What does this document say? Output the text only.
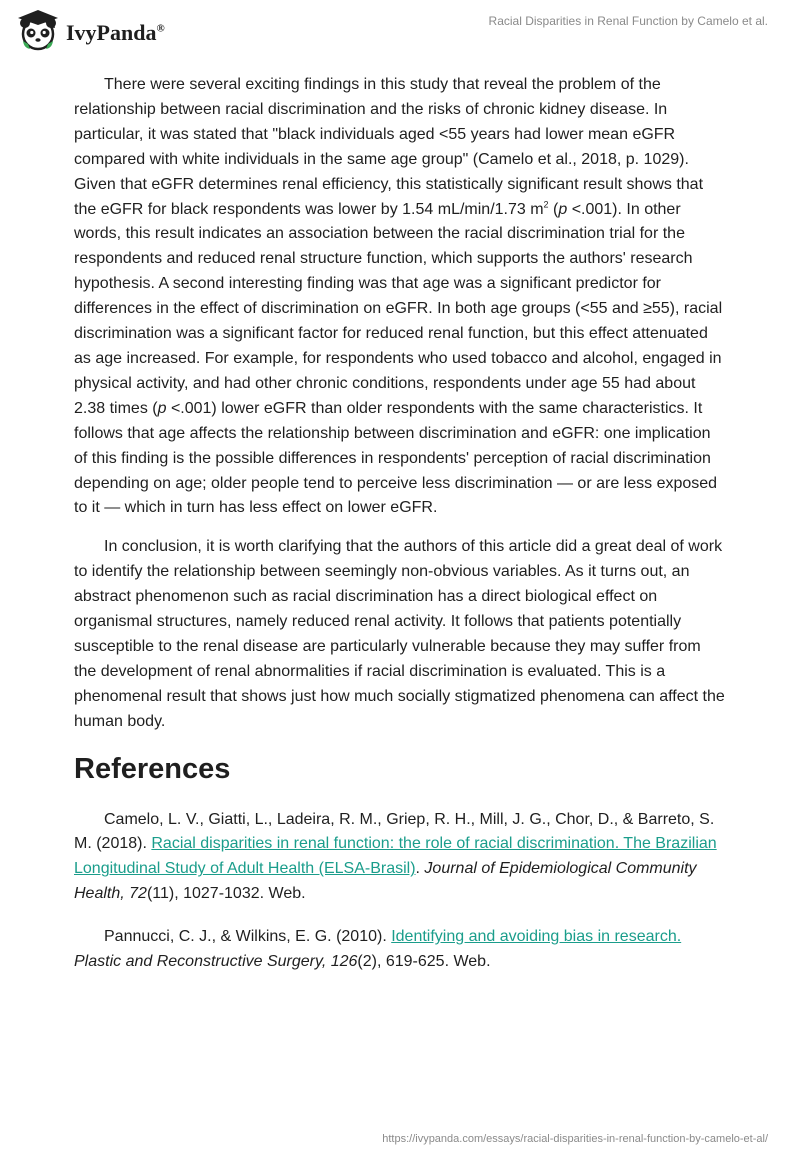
IvyPanda®
Racial Disparities in Renal Function by Camelo et al.

There were several exciting findings in this study that reveal the problem of the relationship between racial discrimination and the risks of chronic kidney disease. In particular, it was stated that "black individuals aged <55 years had lower mean eGFR compared with white individuals in the same age group" (Camelo et al., 2018, p. 1029). Given that eGFR determines renal efficiency, this statistically significant result shows that the eGFR for black respondents was lower by 1.54 mL/min/1.73 $m^2$ (p <.001). In other words, this result indicates an association between the racial discrimination trial for the respondents and reduced renal structure function, which supports the authors' research hypothesis. A second interesting finding was that age was a significant predictor for differences in the effect of discrimination on eGFR. In both age groups (<55 and ≥55), racial discrimination was a significant factor for reduced renal function, but this effect attenuated as age increased. For example, for respondents who used tobacco and alcohol, engaged in physical activity, and had other chronic conditions, respondents under age 55 had about 2.38 times (p <.001) lower eGFR than older respondents with the same characteristics. It follows that age affects the relationship between discrimination and eGFR: one implication of this finding is the possible differences in respondents' perception of racial discrimination depending on age; older people tend to perceive less discrimination — or are less exposed to it — which in turn has less effect on lower eGFR.

In conclusion, it is worth clarifying that the authors of this article did a great deal of work to identify the relationship between seemingly non-obvious variables. As it turns out, an abstract phenomenon such as racial discrimination has a direct biological effect on organismal structures, namely reduced renal activity. It follows that patients potentially susceptible to the renal disease are particularly vulnerable because they may suffer from the development of renal abnormalities if racial discrimination is evaluated. This is a phenomenal result that shows just how much socially stigmatized phenomena can affect the human body.

References

Camelo, L. V., Giatti, L., Ladeira, R. M., Griep, R. H., Mill, J. G., Chor, D., & Barreto, S. M. (2018). Racial disparities in renal function: the role of racial discrimination. The Brazilian Longitudinal Study of Adult Health (ELSA-Brasil). Journal of Epidemiological Community Health, 72(11), 1027-1032. Web.

Pannucci, C. J., & Wilkins, E. G. (2010). Identifying and avoiding bias in research. Plastic and Reconstructive Surgery, 126(2), 619-625. Web.

https://ivypanda.com/essays/racial-disparities-in-renal-function-by-camelo-et-al/
